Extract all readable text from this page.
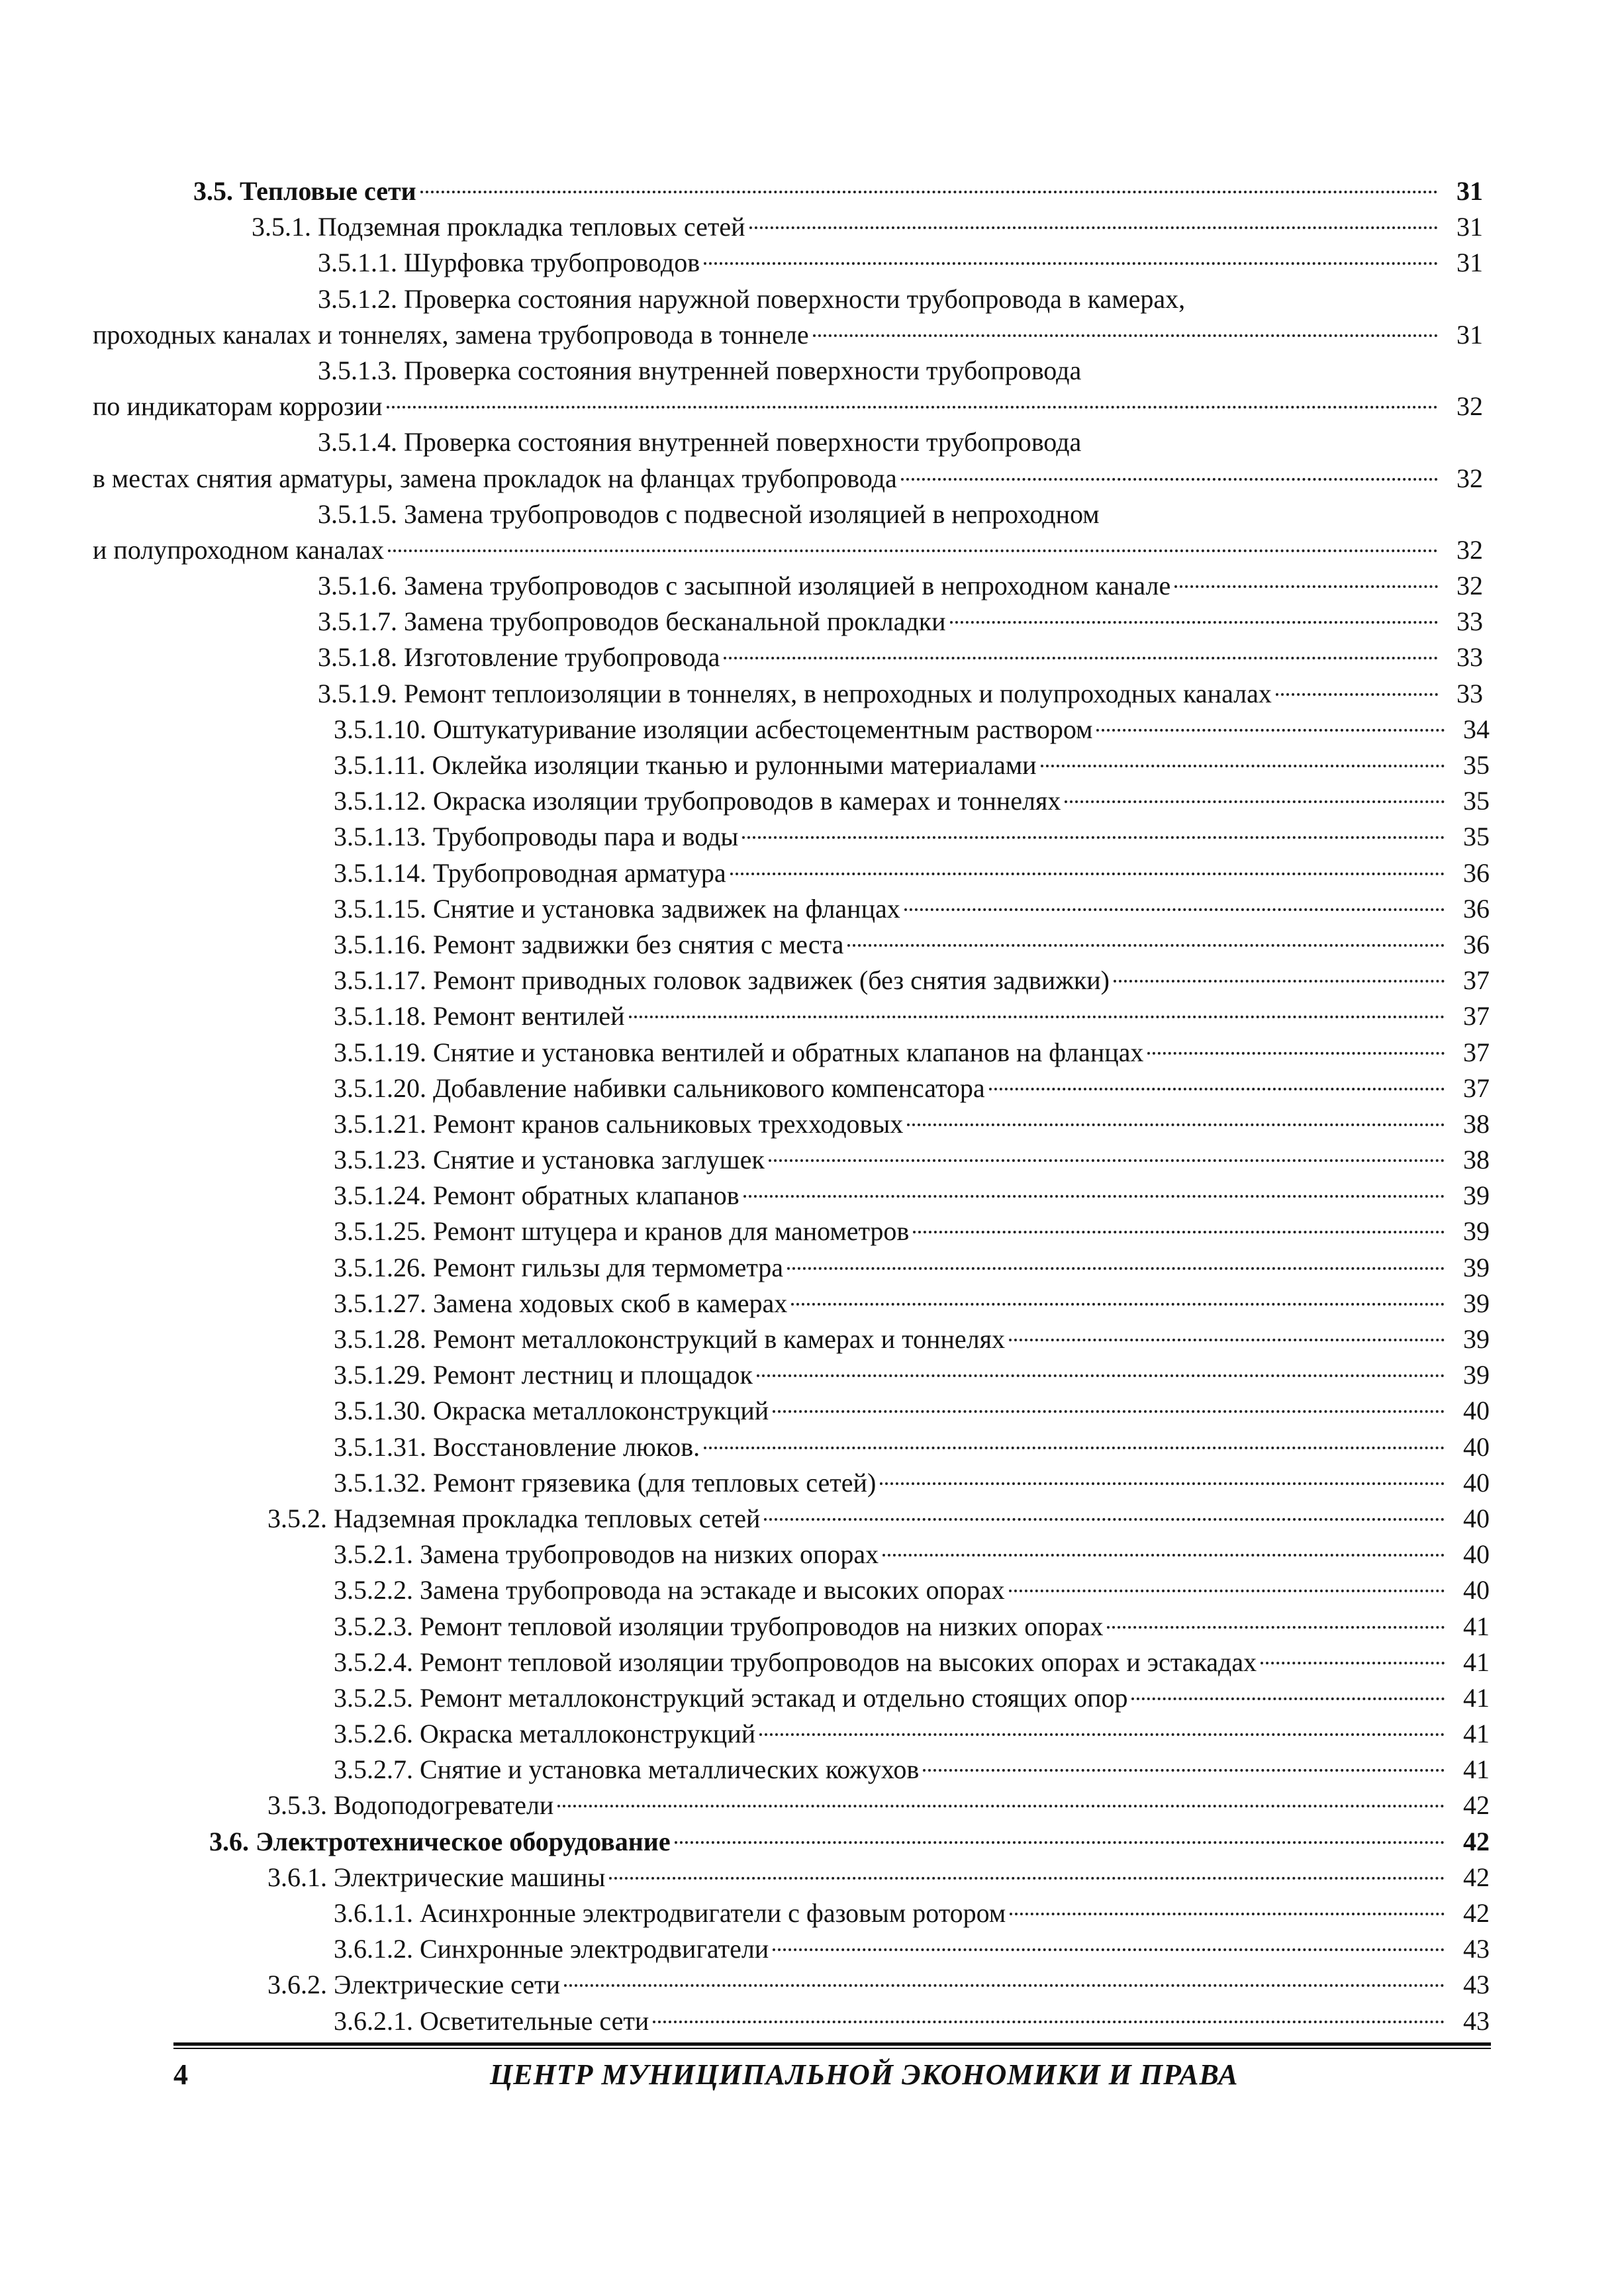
3.5. Тепловые сети	31
3.5.1. Подземная прокладка тепловых сетей	31
3.5.1.1. Шурфовка трубопроводов	31
3.5.1.2. Проверка состояния наружной поверхности трубопровода в камерах,
проходных каналах и тоннелях, замена трубопровода в тоннеле	31
3.5.1.3. Проверка состояния внутренней поверхности трубопровода
по индикаторам коррозии	32
3.5.1.4. Проверка состояния внутренней поверхности трубопровода
в местах снятия арматуры, замена прокладок на фланцах трубопровода	32
3.5.1.5. Замена трубопроводов с подвесной изоляцией в непроходном
и полупроходном каналах	32
3.5.1.6. Замена трубопроводов с засыпной изоляцией в непроходном канале	32
3.5.1.7. Замена трубопроводов бесканальной прокладки	33
3.5.1.8. Изготовление трубопровода	33
3.5.1.9. Ремонт теплоизоляции в тоннелях, в непроходных и полупроходных каналах	33
3.5.1.10. Оштукатуривание изоляции асбестоцементным раствором	34
3.5.1.11. Оклейка изоляции тканью и рулонными материалами	35
3.5.1.12. Окраска изоляции трубопроводов в камерах и тоннелях	35
3.5.1.13. Трубопроводы пара и воды	35
3.5.1.14. Трубопроводная арматура	36
3.5.1.15. Снятие и установка задвижек на фланцах	36
3.5.1.16. Ремонт задвижки без снятия с места	36
3.5.1.17. Ремонт приводных головок задвижек (без снятия задвижки)	37
3.5.1.18. Ремонт вентилей	37
3.5.1.19. Снятие и установка вентилей и обратных клапанов на фланцах	37
3.5.1.20. Добавление набивки сальникового компенсатора	37
3.5.1.21. Ремонт кранов сальниковых трехходовых	38
3.5.1.23. Снятие и установка заглушек	38
3.5.1.24. Ремонт обратных клапанов	39
3.5.1.25. Ремонт штуцера и кранов для манометров	39
3.5.1.26. Ремонт гильзы для термометра	39
3.5.1.27. Замена ходовых скоб в камерах	39
3.5.1.28. Ремонт металлоконструкций в камерах и тоннелях	39
3.5.1.29. Ремонт лестниц и площадок	39
3.5.1.30. Окраска металлоконструкций	40
3.5.1.31. Восстановление люков.	40
3.5.1.32. Ремонт грязевика (для тепловых сетей)	40
3.5.2. Надземная прокладка тепловых сетей	40
3.5.2.1. Замена трубопроводов на низких опорах	40
3.5.2.2. Замена трубопровода на эстакаде и высоких опорах	40
3.5.2.3. Ремонт тепловой изоляции трубопроводов на низких опорах	41
3.5.2.4. Ремонт тепловой изоляции трубопроводов на высоких опорах и эстакадах	41
3.5.2.5. Ремонт металлоконструкций эстакад и отдельно стоящих опор	41
3.5.2.6. Окраска металлоконструкций	41
3.5.2.7. Снятие и установка металлических кожухов	41
3.5.3. Водоподогреватели	42
3.6. Электротехническое оборудование	42
3.6.1. Электрические машины	42
3.6.1.1. Асинхронные электродвигатели с фазовым ротором	42
3.6.1.2. Синхронные электродвигатели	43
3.6.2. Электрические сети	43
3.6.2.1. Осветительные сети	43
4	ЦЕНТР МУНИЦИПАЛЬНОЙ ЭКОНОМИКИ И ПРАВА
